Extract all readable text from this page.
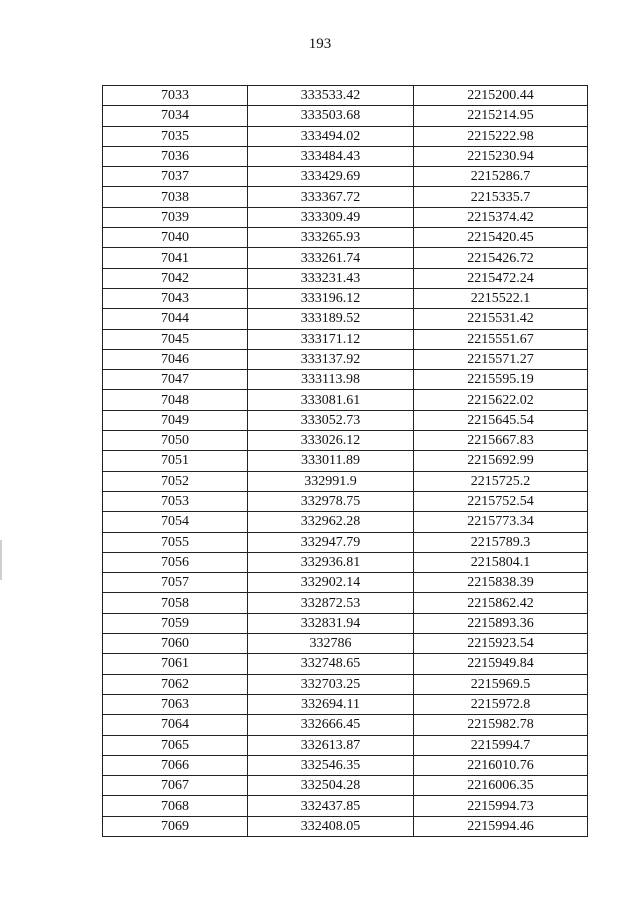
193
7033	333533.42	2215200.44
7034	333503.68	2215214.95
7035	333494.02	2215222.98
7036	333484.43	2215230.94
7037	333429.69	2215286.7
7038	333367.72	2215335.7
7039	333309.49	2215374.42
7040	333265.93	2215420.45
7041	333261.74	2215426.72
7042	333231.43	2215472.24
7043	333196.12	2215522.1
7044	333189.52	2215531.42
7045	333171.12	2215551.67
7046	333137.92	2215571.27
7047	333113.98	2215595.19
7048	333081.61	2215622.02
7049	333052.73	2215645.54
7050	333026.12	2215667.83
7051	333011.89	2215692.99
7052	332991.9	2215725.2
7053	332978.75	2215752.54
7054	332962.28	2215773.34
7055	332947.79	2215789.3
7056	332936.81	2215804.1
7057	332902.14	2215838.39
7058	332872.53	2215862.42
7059	332831.94	2215893.36
7060	332786	2215923.54
7061	332748.65	2215949.84
7062	332703.25	2215969.5
7063	332694.11	2215972.8
7064	332666.45	2215982.78
7065	332613.87	2215994.7
7066	332546.35	2216010.76
7067	332504.28	2216006.35
7068	332437.85	2215994.73
7069	332408.05	2215994.46
